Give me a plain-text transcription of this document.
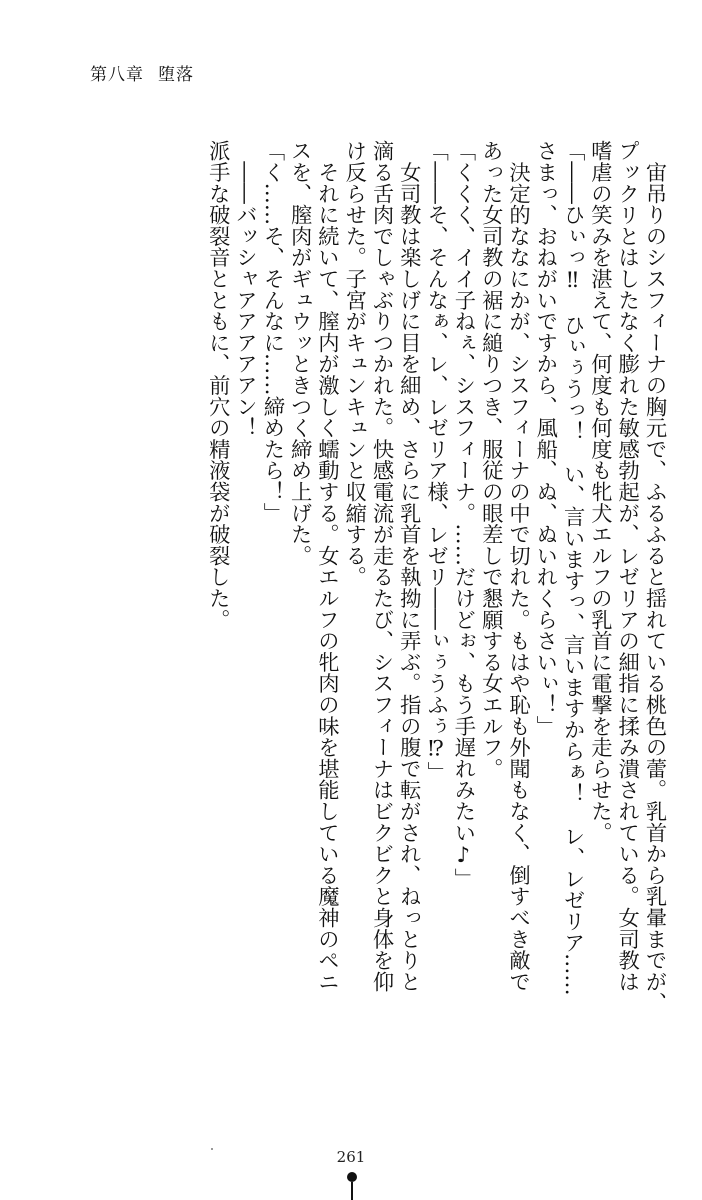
第八章 堕落

　宙吊りのシスフィーナの胸元で、ふるふると揺れている桃色の蕾。乳首から乳暈までが、

プックリとはしたなく膨れた敏感勃起が、レゼリアの細指に揉み潰されている。女司教は

嗜虐の笑みを湛えて、何度も何度も牝犬エルフの乳首に電撃を走らせた。

「――ひぃっ‼　ひぃぅうっ！　い、言いますっ、言いますからぁ！　レ、レゼリア……

さまっ、おねがいですから、風船、ぬ、ぬいれくらさいぃ！」

　決定的ななにかが、シスフィーナの中で切れた。もはや恥も外聞もなく、倒すべき敵で

あった女司教の裾に縋りつき、服従の眼差しで懇願する女エルフ。

「くくく、イイ子ねぇ、シスフィーナ。……だけどぉ、もう手遅れみたい♪」

「――そ、そんなぁ、レ、レゼリア様、レゼリ――ぃぅうふぅ⁉」

　女司教は楽しげに目を細め、さらに乳首を執拗に弄ぶ。指の腹で転がされ、ねっとりと

滴る舌肉でしゃぶりつかれた。快感電流が走るたび、シスフィーナはビクビクと身体を仰

け反らせた。子宮がキュンキュンと収縮する。

　それに続いて、膣内が激しく蠕動する。女エルフの牝肉の味を堪能している魔神のペニ

スを、膣肉がギュウッときつく締め上げた。

「く……そ、そんなに……締めたら！」

　――バッシャアアアアアン！

派手な破裂音とともに、前穴の精液袋が破裂した。

261
